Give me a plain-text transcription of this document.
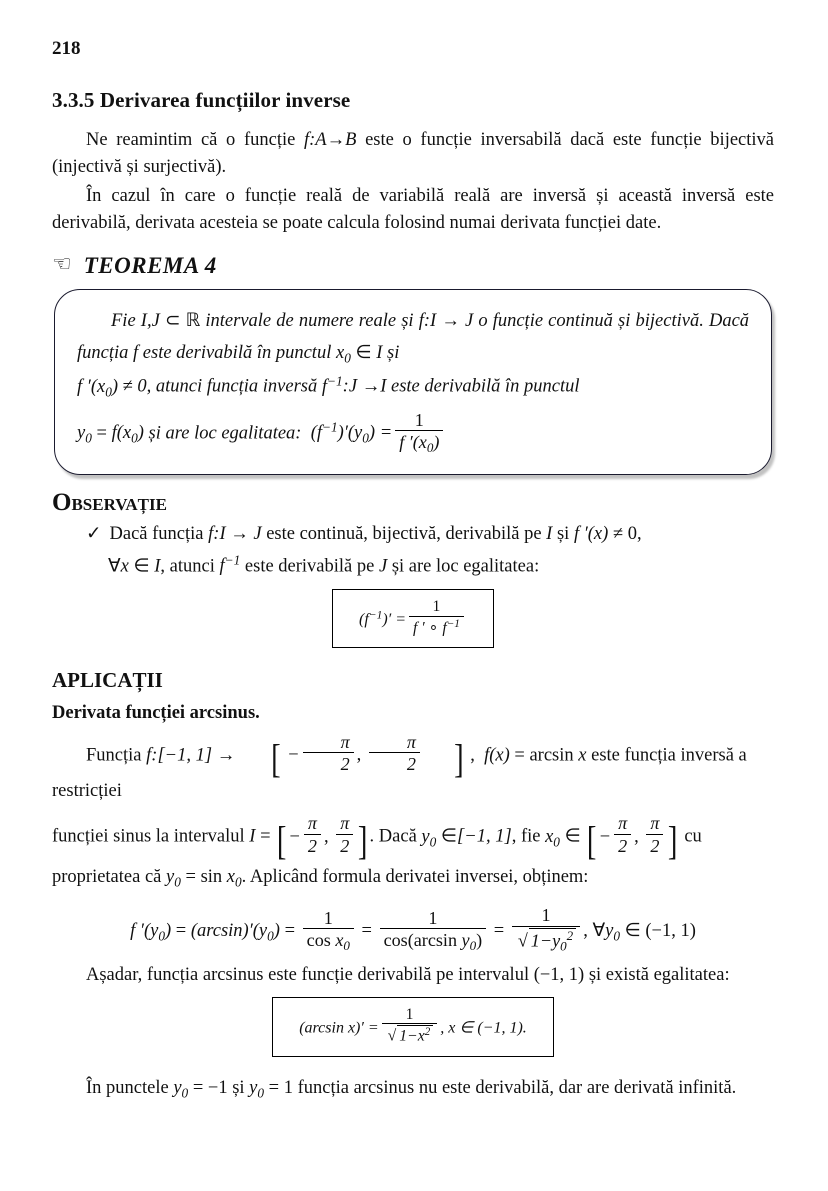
218
3.3.5 Derivarea funcțiilor inverse

Ne reamintim că o funcție f:A→B este o funcție inversabilă dacă este funcție bijectivă (injectivă și surjectivă).

În cazul în care o funcție reală de variabilă reală are inversă și această inversă este derivabilă, derivata acesteia se poate calcula folosind numai derivata funcției date.

☜ TEOREMA 4
Fie I,J ⊂ ℝ intervale de numere reale și f:I → J o funcție continuă și bijectivă. Dacă funcția f este derivabilă în punctul $x_0$ ∈ I și
f $'(x_0) \ne 0$, atunci funcția inversă $f^{-1}:J \to I$ este derivabilă în punctul
$y_0 = f(x_0)$ și are loc egalitatea: $(f^{-1})'(y_0) = \frac{1}{f '(x_0)}$
OBSERVAȚIE
✓ Dacă funcția f:I → J este continuă, bijectivă, derivabilă pe I și f ′(x) ≠ 0,
∀x ∈ I, atunci $f^{-1}$ este derivabilă pe J și are loc egalitatea:
$(f^{-1})' = \frac{1}{f ' \circ f^{-1}}$
APLICAȚII
Derivata funcției arcsinus.
Funcția f:[−1, 1] → [ − $\frac{\pi}{2}$ , $\frac{\pi}{2}$ ] ,  f(x) = arcsin x este funcția inversă a restricției
funcției sinus la intervalul I = [ − $\frac{\pi}{2}$ , $\frac{\pi}{2}$ ] . Dacă $y_0$ ∈[−1, 1], fie $x_0$ ∈ [ − $\frac{\pi}{2}$ , $\frac{\pi}{2}$ ] cu
proprietatea că $y_0 = \sin x_0$. Aplicând formula derivatei inversei, obținem:
f $'(y_0) = (\arcsin)'(y_0) = \frac{1}{\cos x_0} = \frac{1}{\cos(\arcsin y_0)} = \frac{1}{√ 1-y_0^2}$ , $\forall y_0$ ∈ (−1, 1)

Așadar, funcția arcsinus este funcție derivabilă pe intervalul (−1, 1) și există egalitatea:

(arcsin $x)' = \frac{1}{√ 1-x^2}$ , x ∈ (−1, 1).
În punctele $y_0 = -1$ și $y_0 = 1$ funcția arcsinus nu este derivabilă, dar are derivată infinită.
